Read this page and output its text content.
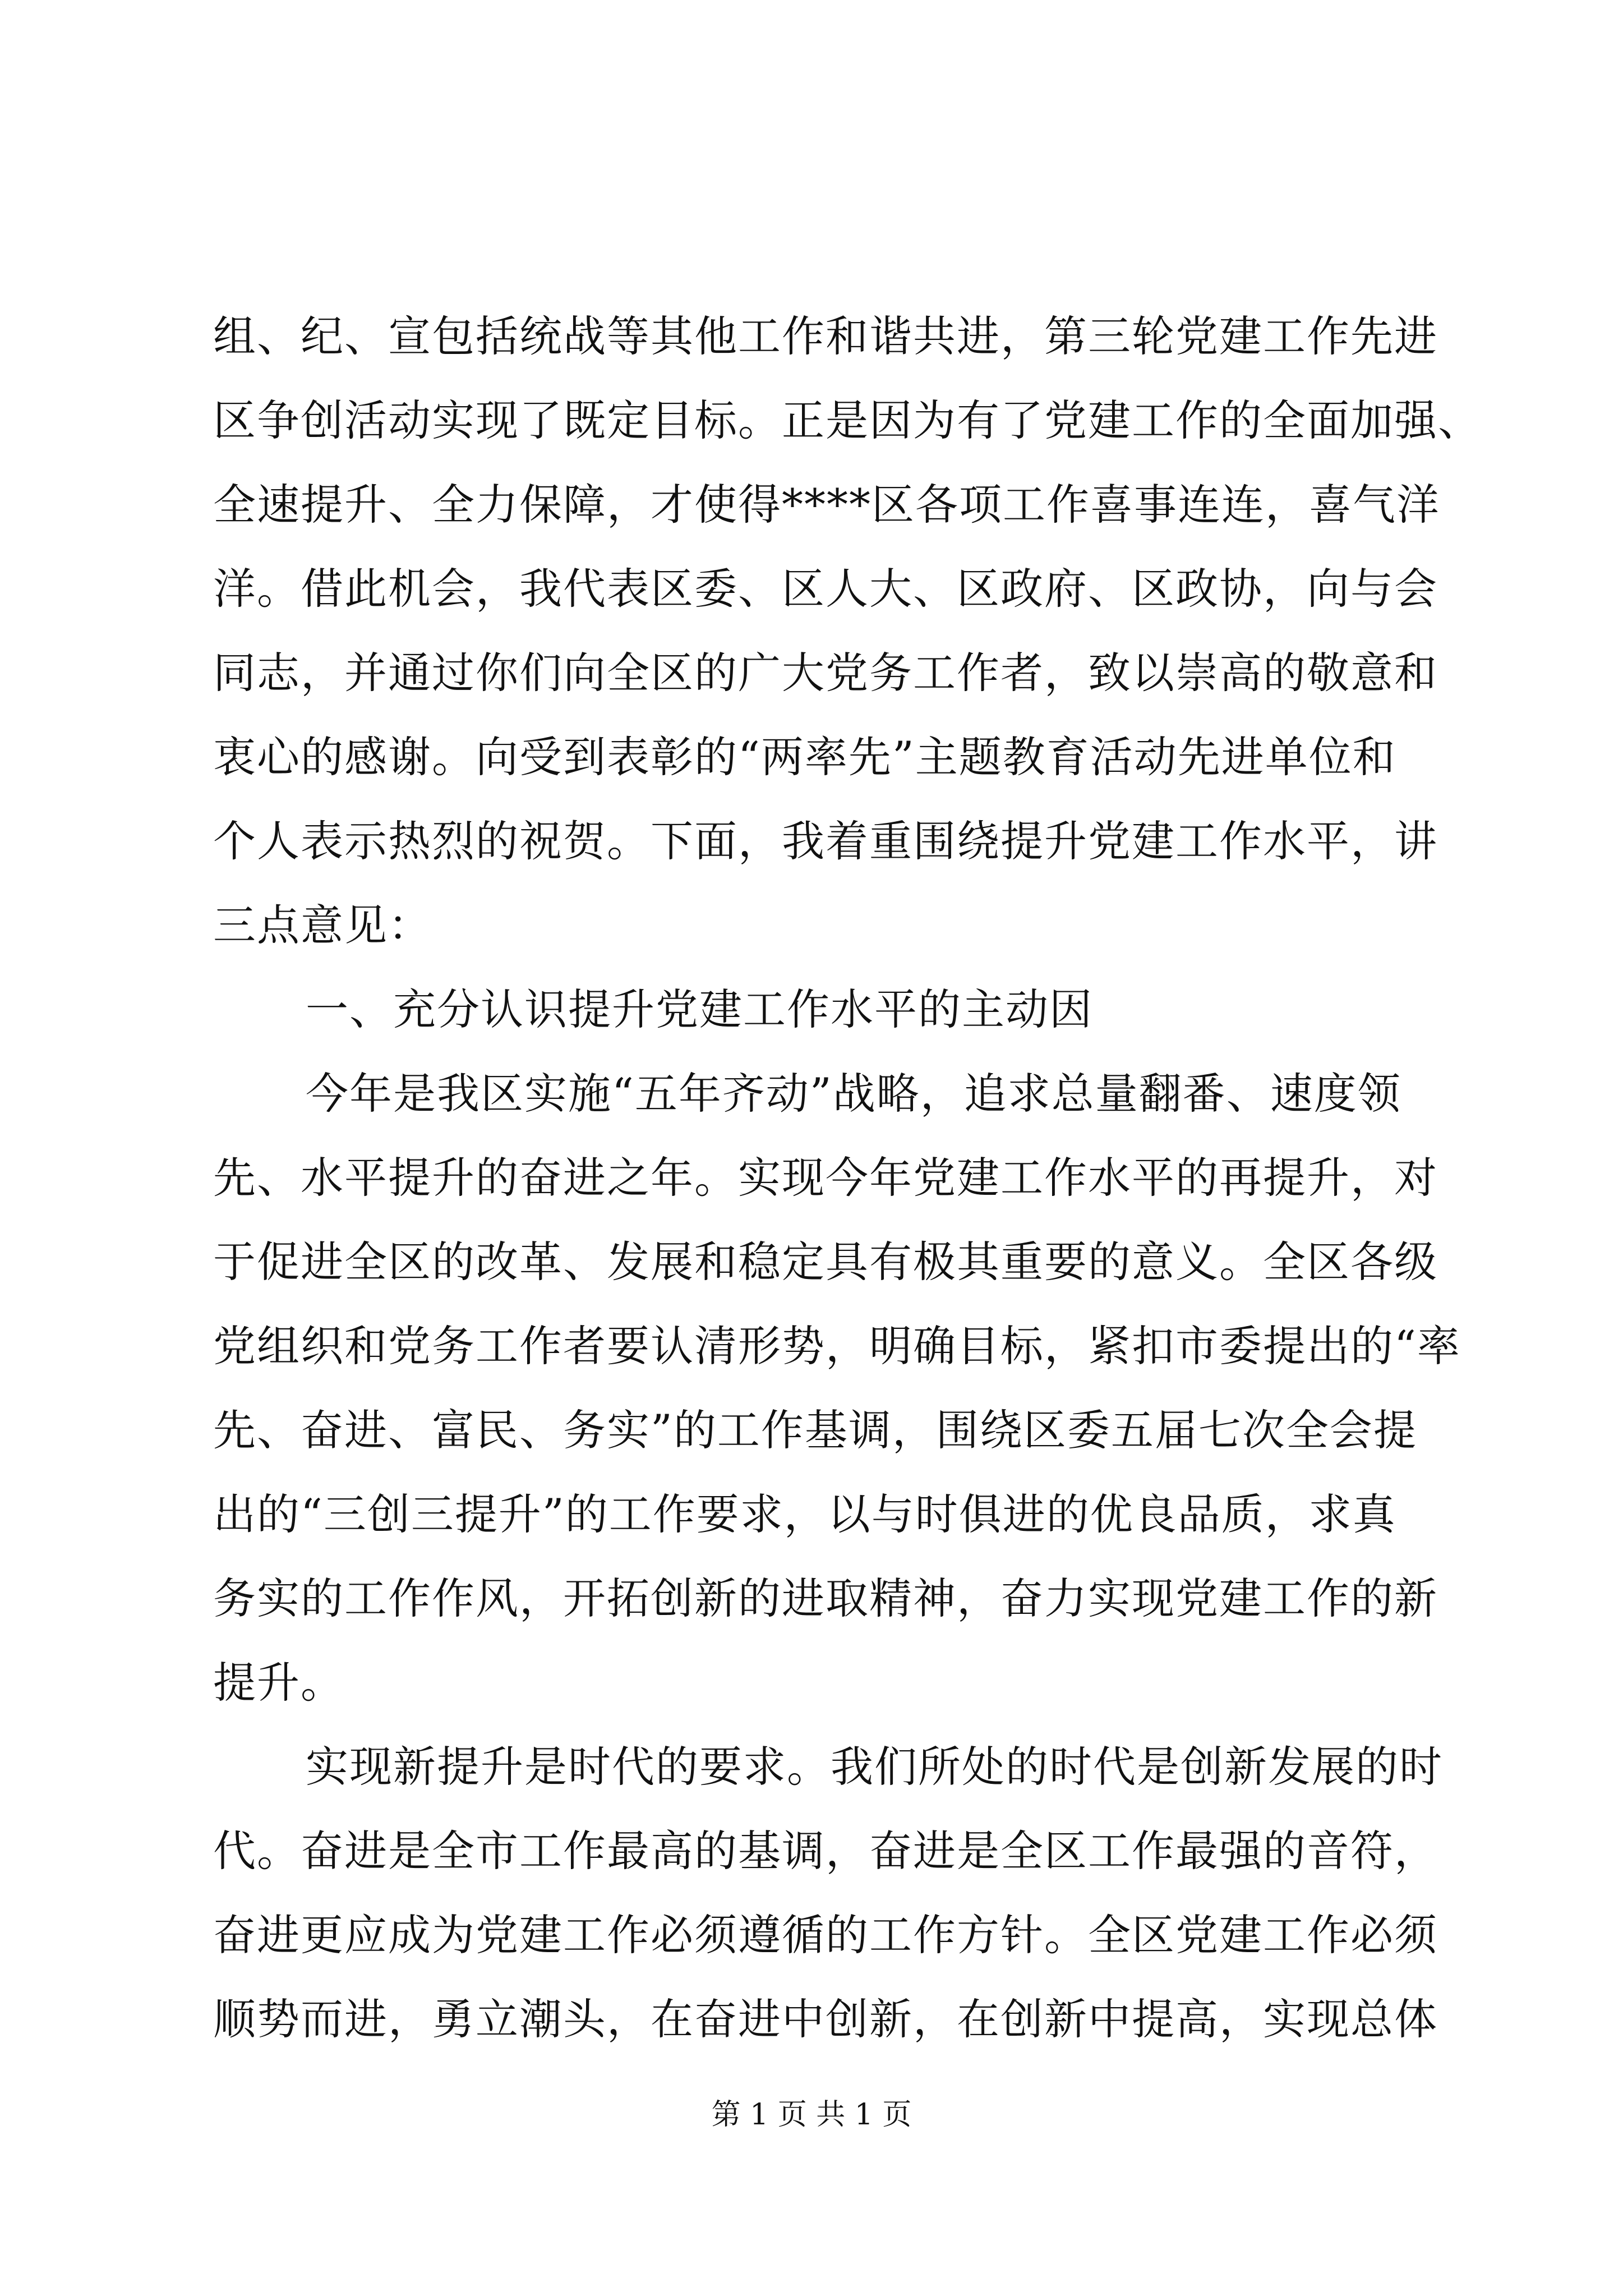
组、纪、宣包括统战等其他工作和谐共进，第三轮党建工作先进
区争创活动实现了既定目标。正是因为有了党建工作的全面加强、
全速提升、全力保障，才使得****区各项工作喜事连连，喜气洋
洋。借此机会，我代表区委、区人大、区政府、区政协，向与会
同志，并通过你们向全区的广大党务工作者，致以崇高的敬意和
衷心的感谢。向受到表彰的“两率先”主题教育活动先进单位和
个人表示热烈的祝贺。下面，我着重围绕提升党建工作水平，讲
三点意见：
一、充分认识提升党建工作水平的主动因
今年是我区实施“五年齐动”战略，追求总量翻番、速度领
先、水平提升的奋进之年。实现今年党建工作水平的再提升，对
于促进全区的改革、发展和稳定具有极其重要的意义。全区各级
党组织和党务工作者要认清形势，明确目标，紧扣市委提出的“率
先、奋进、富民、务实”的工作基调，围绕区委五届七次全会提
出的“三创三提升”的工作要求，以与时俱进的优良品质，求真
务实的工作作风，开拓创新的进取精神，奋力实现党建工作的新
提升。
实现新提升是时代的要求。我们所处的时代是创新发展的时
代。奋进是全市工作最高的基调，奋进是全区工作最强的音符，
奋进更应成为党建工作必须遵循的工作方针。全区党建工作必须
顺势而进，勇立潮头，在奋进中创新，在创新中提高，实现总体
第 1 页 共 1 页
